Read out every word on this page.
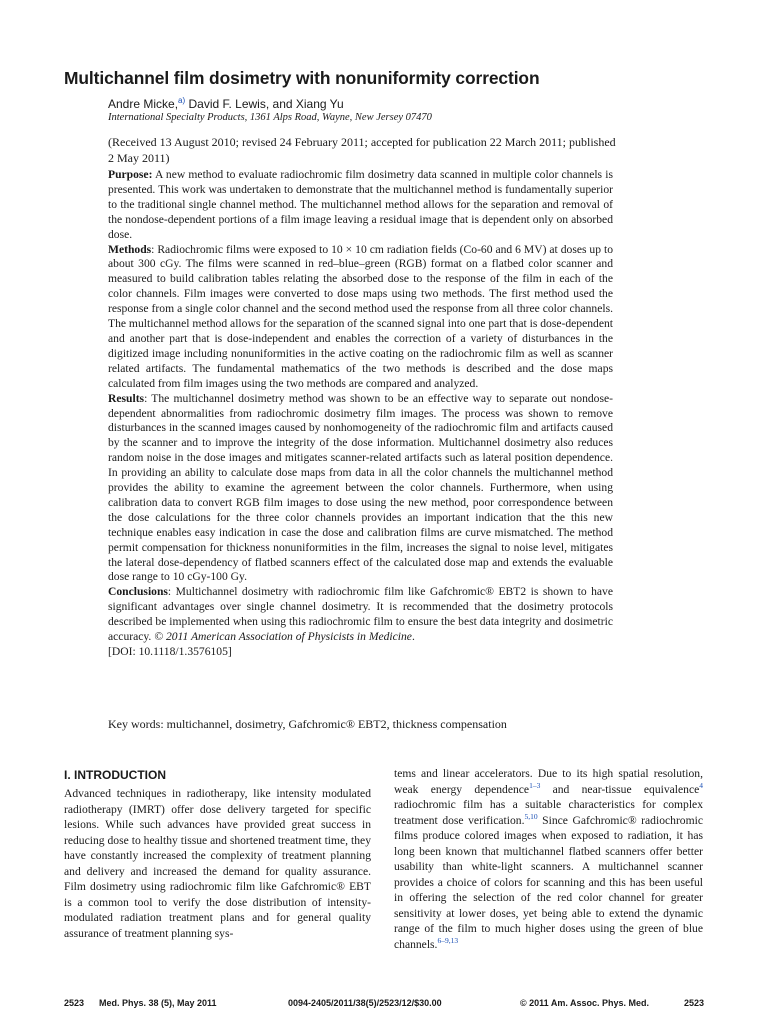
Multichannel film dosimetry with nonuniformity correction
Andre Micke,$^{a)}$ David F. Lewis, and Xiang Yu
International Specialty Products, 1361 Alps Road, Wayne, New Jersey 07470
(Received 13 August 2010; revised 24 February 2011; accepted for publication 22 March 2011; published 2 May 2011)

Purpose: A new method to evaluate radiochromic film dosimetry data scanned in multiple color channels is presented. This work was undertaken to demonstrate that the multichannel method is fundamentally superior to the traditional single channel method. The multichannel method allows for the separation and removal of the nondose-dependent portions of a film image leaving a residual image that is dependent only on absorbed dose.

Methods: Radiochromic films were exposed to 10 × 10 cm radiation fields (Co-60 and 6 MV) at doses up to about 300 cGy. The films were scanned in red–blue–green (RGB) format on a flatbed color scanner and measured to build calibration tables relating the absorbed dose to the response of the film in each of the color channels. Film images were converted to dose maps using two methods. The first method used the response from a single color channel and the second method used the response from all three color channels. The multichannel method allows for the separation of the scanned signal into one part that is dose-dependent and another part that is dose-independent and enables the correction of a variety of disturbances in the digitized image including nonuniformities in the active coating on the radiochromic film as well as scanner related artifacts. The fundamental mathematics of the two methods is described and the dose maps calculated from film images using the two methods are compared and analyzed.

Results: The multichannel dosimetry method was shown to be an effective way to separate out nondose-dependent abnormalities from radiochromic dosimetry film images. The process was shown to remove disturbances in the scanned images caused by nonhomogeneity of the radiochromic film and artifacts caused by the scanner and to improve the integrity of the dose information. Multichannel dosimetry also reduces random noise in the dose images and mitigates scanner-related artifacts such as lateral position dependence. In providing an ability to calculate dose maps from data in all the color channels the multichannel method provides the ability to examine the agreement between the color channels. Furthermore, when using calibration data to convert RGB film images to dose using the new method, poor correspondence between the dose calculations for the three color channels provides an important indication that the this new technique enables easy indication in case the dose and calibration films are curve mismatched. The method permit compensation for thickness nonuniformities in the film, increases the signal to noise level, mitigates the lateral dose-dependency of flatbed scanners effect of the calculated dose map and extends the evaluable dose range to 10 cGy-100 Gy.

Conclusions: Multichannel dosimetry with radiochromic film like Gafchromic® EBT2 is shown to have significant advantages over single channel dosimetry. It is recommended that the dosimetry protocols described be implemented when using this radiochromic film to ensure the best data integrity and dosimetric accuracy. © 2011 American Association of Physicists in Medicine.

[DOI: 10.1118/1.3576105]

Key words: multichannel, dosimetry, Gafchromic® EBT2, thickness compensation
I. INTRODUCTION

Advanced techniques in radiotherapy, like intensity modulated radiotherapy (IMRT) offer dose delivery targeted for specific lesions. While such advances have provided great success in reducing dose to healthy tissue and shortened treatment time, they have constantly increased the complexity of treatment planning and delivery and increased the demand for quality assurance. Film dosimetry using radiochromic film like Gafchromic® EBT is a common tool to verify the dose distribution of intensity-modulated radiation treatment plans and for general quality assurance of treatment planning sys-

tems and linear accelerators. Due to its high spatial resolution, weak energy dependence$^{1-3}$ and near-tissue equivalence$^4$ radiochromic film has a suitable characteristics for complex treatment dose verification.$^{5,10}$ Since Gafchromic® radiochromic films produce colored images when exposed to radiation, it has long been known that multichannel flatbed scanners offer better usability than white-light scanners. A multichannel scanner provides a choice of colors for scanning and this has been useful in offering the selection of the red color channel for greater sensitivity at lower doses, yet being able to extend the dynamic range of the film to much higher doses using the green of blue channels.$^{6-9,13}$

2523 Med. Phys. 38 (5), May 2011	0094-2405/2011/38(5)/2523/12/$30.00	© 2011 Am. Assoc. Phys. Med.	2523
